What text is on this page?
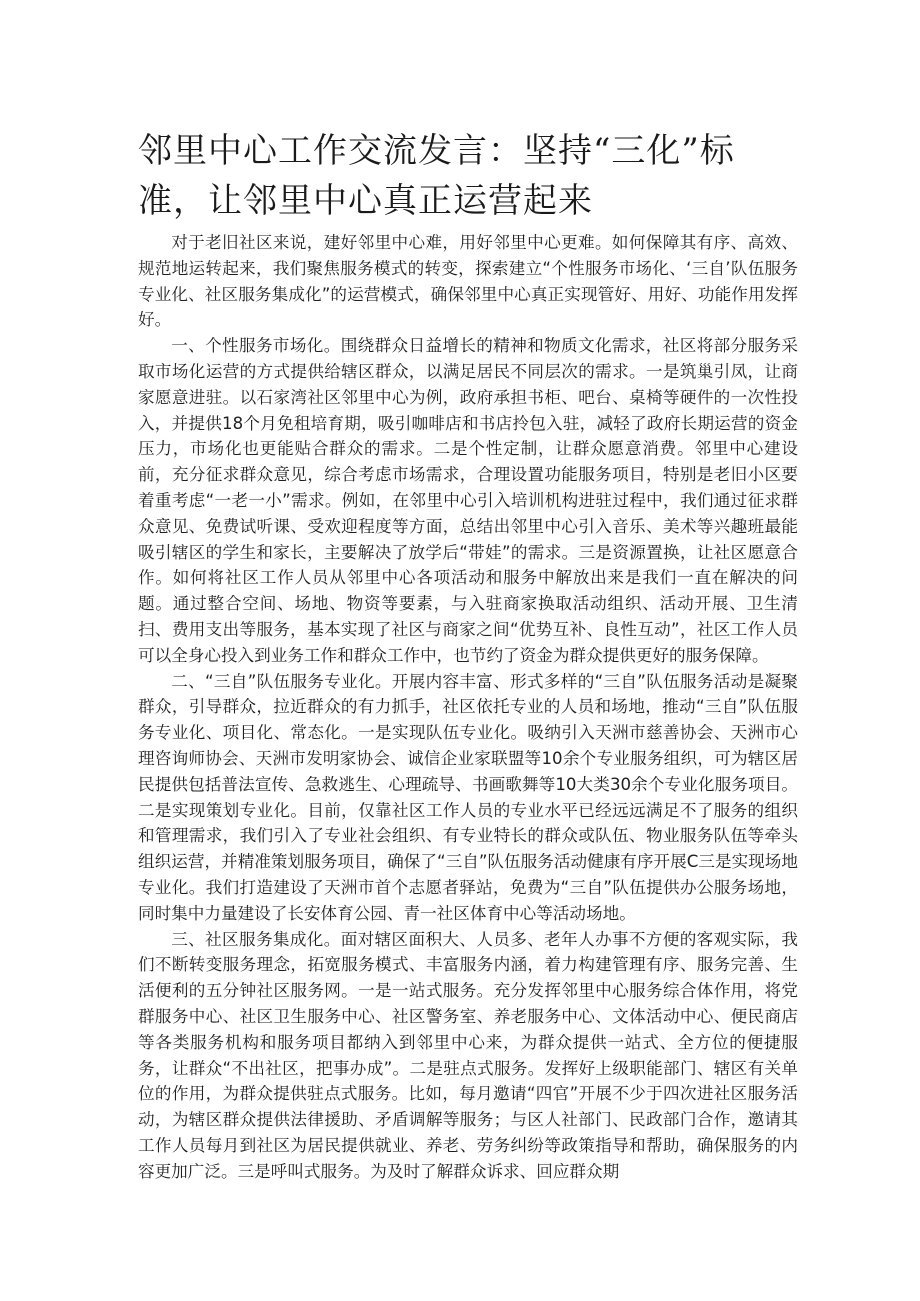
邻里中心工作交流发言：坚持“三化”标准，让邻里中心真正运营起来

对于老旧社区来说，建好邻里中心难，用好邻里中心更难。如何保障其有序、高效、规范地运转起来，我们聚焦服务模式的转变，探索建立“个性服务市场化、‘三自’队伍服务专业化、社区服务集成化”的运营模式，确保邻里中心真正实现管好、用好、功能作用发挥好。

一、个性服务市场化。围绕群众日益增长的精神和物质文化需求，社区将部分服务采取市场化运营的方式提供给辖区群众，以满足居民不同层次的需求。一是筑巢引凤，让商家愿意进驻。以石家湾社区邻里中心为例，政府承担书柜、吧台、桌椅等硬件的一次性投入，并提供18个月免租培育期，吸引咖啡店和书店拎包入驻，减轻了政府长期运营的资金压力，市场化也更能贴合群众的需求。二是个性定制，让群众愿意消费。邻里中心建设前，充分征求群众意见，综合考虑市场需求，合理设置功能服务项目，特别是老旧小区要着重考虑“一老一小”需求。例如，在邻里中心引入培训机构进驻过程中，我们通过征求群众意见、免费试听课、受欢迎程度等方面，总结出邻里中心引入音乐、美术等兴趣班最能吸引辖区的学生和家长，主要解决了放学后“带娃”的需求。三是资源置换，让社区愿意合作。如何将社区工作人员从邻里中心各项活动和服务中解放出来是我们一直在解决的问题。通过整合空间、场地、物资等要素，与入驻商家换取活动组织、活动开展、卫生清扫、费用支出等服务，基本实现了社区与商家之间“优势互补、良性互动”，社区工作人员可以全身心投入到业务工作和群众工作中，也节约了资金为群众提供更好的服务保障。

二、“三自”队伍服务专业化。开展内容丰富、形式多样的“三自”队伍服务活动是凝聚群众，引导群众，拉近群众的有力抓手，社区依托专业的人员和场地，推动“三自”队伍服务专业化、项目化、常态化。一是实现队伍专业化。吸纳引入天洲市慈善协会、天洲市心理咨询师协会、天洲市发明家协会、诚信企业家联盟等10余个专业服务组织，可为辖区居民提供包括普法宣传、急救逃生、心理疏导、书画歌舞等10大类30余个专业化服务项目。二是实现策划专业化。目前，仅靠社区工作人员的专业水平已经远远满足不了服务的组织和管理需求，我们引入了专业社会组织、有专业特长的群众或队伍、物业服务队伍等牵头组织运营，并精准策划服务项目，确保了“三自”队伍服务活动健康有序开展C三是实现场地专业化。我们打造建设了天洲市首个志愿者驿站，免费为“三自”队伍提供办公服务场地，同时集中力量建设了长安体育公园、青一社区体育中心等活动场地。

三、社区服务集成化。面对辖区面积大、人员多、老年人办事不方便的客观实际，我们不断转变服务理念，拓宽服务模式、丰富服务内涵，着力构建管理有序、服务完善、生活便利的五分钟社区服务网。一是一站式服务。充分发挥邻里中心服务综合体作用，将党群服务中心、社区卫生服务中心、社区警务室、养老服务中心、文体活动中心、便民商店等各类服务机构和服务项目都纳入到邻里中心来，为群众提供一站式、全方位的便捷服务，让群众“不出社区，把事办成”。二是驻点式服务。发挥好上级职能部门、辖区有关单位的作用，为群众提供驻点式服务。比如，每月邀请“四官”开展不少于四次进社区服务活动，为辖区群众提供法律援助、矛盾调解等服务；与区人社部门、民政部门合作，邀请其工作人员每月到社区为居民提供就业、养老、劳务纠纷等政策指导和帮助，确保服务的内容更加广泛。三是呼叫式服务。为及时了解群众诉求、回应群众期
